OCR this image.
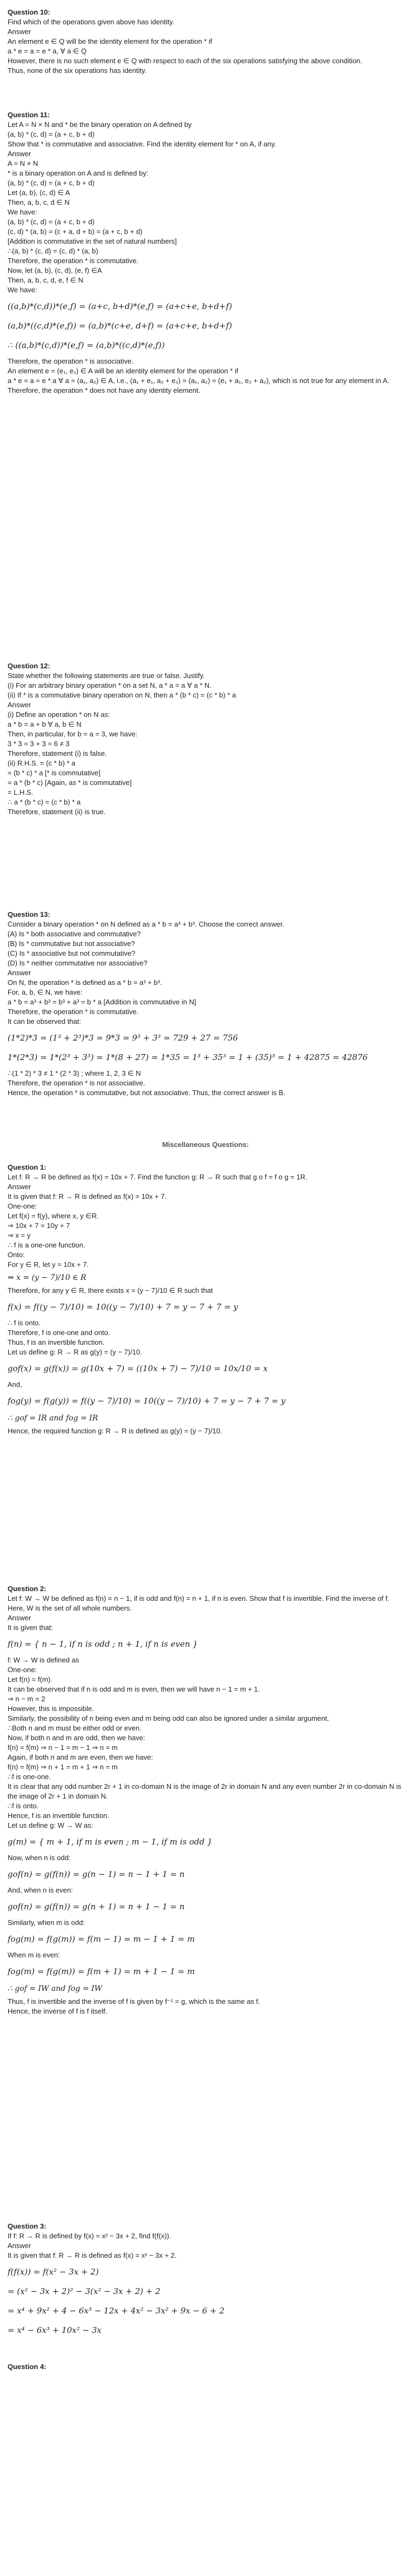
Question 10:

Find which of the operations given above has identity.

Answer

An element e ∈ Q will be the identity element for the operation * if

a * e = a = e * a, ∀ a ∈ Q

However, there is no such element e ∈ Q with respect to each of the six operations satisfying the above condition.

Thus, none of the six operations has identity.

Question 11:

Let A = N × N and * be the binary operation on A defined by

(a, b) * (c, d) = (a + c, b + d)

Show that * is commutative and associative. Find the identity element for * on A, if any.

Answer

A = N × N

* is a binary operation on A and is defined by:

(a, b) * (c, d) = (a + c, b + d)

Let (a, b), (c, d) ∈ A

Then, a, b, c, d ∈ N

We have:

(a, b) * (c, d) = (a + c, b + d)

(c, d) * (a, b) = (c + a, d + b) = (a + c, b + d)

[Addition is commutative in the set of natural numbers]

∴(a, b) * (c, d) = (c, d) * (a, b)

Therefore, the operation * is commutative.

Now, let (a, b), (c, d), (e, f) ∈A

Then, a, b, c, d, e, f ∈ N

We have:

((a,b)*(c,d))*(e,f) = (a+c, b+d)*(e,f) = (a+c+e, b+d+f)

(a,b)*((c,d)*(e,f)) = (a,b)*(c+e, d+f) = (a+c+e, b+d+f)

∴ ((a,b)*(c,d))*(e,f) = (a,b)*((c,d)*(e,f))

Therefore, the operation * is associative.

An element e = (e₁, e₂) ∈ A will be an identity element for the operation * if

a * e = a = e * a ∀ a = (a₁, a₂) ∈ A, i.e., (a₁ + e₁, a₂ + e₂) = (a₁, a₂) = (e₁ + a₁, e₂ + a₂), which is not true for any element in A.

Therefore, the operation * does not have any identity element.

Question 12:

State whether the following statements are true or false. Justify.

(i) For an arbitrary binary operation * on a set N, a * a = a ∀ a * N.

(ii) If * is a commutative binary operation on N, then a * (b * c) = (c * b) * a

Answer

(i) Define an operation * on N as:

a * b = a + b ∀ a, b ∈ N

Then, in particular, for b = a = 3, we have:

3 * 3 = 3 + 3 = 6 ≠ 3

Therefore, statement (i) is false.

(ii) R.H.S. = (c * b) * a

= (b * c) * a [* is commutative]

= a * (b * c) [Again, as * is commutative]

= L.H.S.

∴ a * (b * c) = (c * b) * a

Therefore, statement (ii) is true.

Question 13:

Consider a binary operation * on N defined as a * b = a³ + b³. Choose the correct answer.

(A) Is * both associative and commutative?

(B) Is * commutative but not associative?

(C) Is * associative but not commutative?

(D) Is * neither commutative nor associative?

Answer

On N, the operation * is defined as a * b = a³ + b³.

For, a, b, ∈ N, we have:

a * b = a³ + b³ = b³ + a³ = b * a [Addition is commutative in N]

Therefore, the operation * is commutative.

It can be observed that:

(1*2)*3 = (1³ + 2³)*3 = 9*3 = 9³ + 3³ = 729 + 27 = 756

1*(2*3) = 1*(2³ + 3³) = 1*(8 + 27) = 1*35 = 1³ + 35³ = 1 + (35)³ = 1 + 42875 = 42876

∴(1 * 2) * 3 ≠ 1 * (2 * 3) ; where 1, 2, 3 ∈ N

Therefore, the operation * is not associative.

Hence, the operation * is commutative, but not associative. Thus, the correct answer is B.

Miscellaneous Questions:

Question 1:

Let f: R → R be defined as f(x) = 10x + 7. Find the function g: R → R such that g o f = f o g = 1R.

Answer

It is given that f: R → R is defined as f(x) = 10x + 7.

One-one:

Let f(x) = f(y), where x, y ∈R.

⇒ 10x + 7 = 10y + 7

⇒ x = y

∴ f is a one-one function.

Onto:

For y ∈ R, let y = 10x + 7.

⇒ x = (y − 7)/10 ∈ R

Therefore, for any y ∈ R, there exists x = (y − 7)/10 ∈ R such that

f(x) = f((y − 7)/10) = 10((y − 7)/10) + 7 = y − 7 + 7 = y

∴ f is onto.

Therefore, f is one-one and onto.

Thus, f is an invertible function.

Let us define g: R → R as g(y) = (y − 7)/10.

gof(x) = g(f(x)) = g(10x + 7) = ((10x + 7) − 7)/10 = 10x/10 = x

And,

fog(y) = f(g(y)) = f((y − 7)/10) = 10((y − 7)/10) + 7 = y − 7 + 7 = y

∴ gof = IR and fog = IR

Hence, the required function g: R → R is defined as g(y) = (y − 7)/10.

Question 2:

Let f: W → W be defined as f(n) = n − 1, if is odd and f(n) = n + 1, if n is even. Show that f is invertible. Find the inverse of f. Here, W is the set of all whole numbers.

Answer

It is given that:

f(n) = { n − 1, if n is odd ; n + 1, if n is even }

f: W → W is defined as

One-one:

Let f(n) = f(m).

It can be observed that if n is odd and m is even, then we will have n − 1 = m + 1.

⇒ n − m = 2

However, this is impossible.

Similarly, the possibility of n being even and m being odd can also be ignored under a similar argument.

∴Both n and m must be either odd or even.

Now, if both n and m are odd, then we have:

f(n) = f(m) ⇒ n − 1 = m − 1 ⇒ n = m

Again, if both n and m are even, then we have:

f(n) = f(m) ⇒ n + 1 = m + 1 ⇒ n = m

∴f is one-one.

It is clear that any odd number 2r + 1 in co-domain N is the image of 2r in domain N and any even number 2r in co-domain N is the image of 2r + 1 in domain N.

∴f is onto.

Hence, f is an invertible function.

Let us define g: W → W as:

g(m) = { m + 1, if m is even ; m − 1, if m is odd }

Now, when n is odd:

gof(n) = g(f(n)) = g(n − 1) = n − 1 + 1 = n

And, when n is even:

gof(n) = g(f(n)) = g(n + 1) = n + 1 − 1 = n

Similarly, when m is odd:

fog(m) = f(g(m)) = f(m − 1) = m − 1 + 1 = m

When m is even:

fog(m) = f(g(m)) = f(m + 1) = m + 1 − 1 = m

∴ gof = IW and fog = IW

Thus, f is invertible and the inverse of f is given by f⁻¹ = g, which is the same as f.

Hence, the inverse of f is f itself.

Question 3:

If f: R → R is defined by f(x) = x² − 3x + 2, find f(f(x)).

Answer

It is given that f: R → R is defined as f(x) = x² − 3x + 2.

f(f(x)) = f(x² − 3x + 2)

= (x² − 3x + 2)² − 3(x² − 3x + 2) + 2

= x⁴ + 9x² + 4 − 6x³ − 12x + 4x² − 3x² + 9x − 6 + 2

= x⁴ − 6x³ + 10x² − 3x

Question 4:
